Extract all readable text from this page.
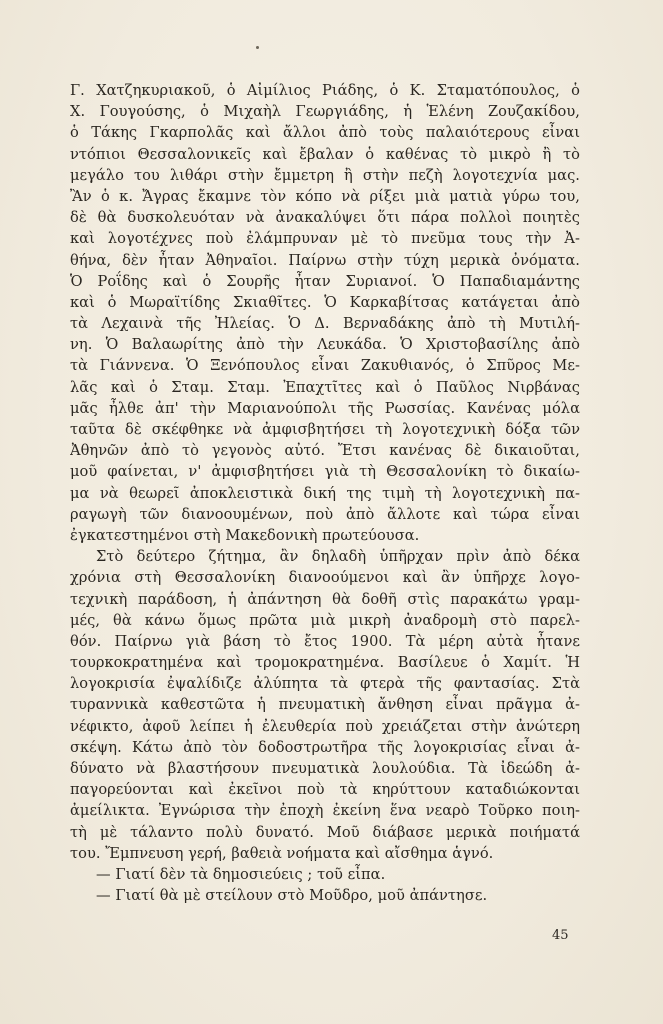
Γ. Χατζηκυριακοῦ, ὁ Αἰμίλιος Ριάδης, ὁ Κ. Σταματόπουλος, ὁ
Χ. Γουγούσης, ὁ Μιχαὴλ Γεωργιάδης, ἡ Ἑλένη Ζουζακίδου,
ὁ Τάκης Γκαρπολᾶς καὶ ἄλλοι ἀπὸ τοὺς παλαιότερους εἶναι
ντόπιοι Θεσσαλονικεῖς καὶ ἔβαλαν ὁ καθένας τὸ μικρὸ ἢ τὸ
μεγάλο του λιθάρι στὴν ἔμμετρη ἢ στὴν πεζὴ λογοτεχνία μας.
Ἂν ὁ κ. Ἄγρας ἔκαμνε τὸν κόπο νὰ ρίξει μιὰ ματιὰ γύρω του,
δὲ θὰ δυσκολευόταν νὰ ἀνακαλύψει ὅτι πάρα πολλοὶ ποιητὲς
καὶ λογοτέχνες ποὺ ἐλάμπρυναν μὲ τὸ πνεῦμα τους τὴν Ἀ-
θήνα, δὲν ἦταν Ἀθηναῖοι. Παίρνω στὴν τύχη μερικὰ ὀνόματα.
Ὁ Ροΐδης καὶ ὁ Σουρῆς ἦταν Συριανοί. Ὁ Παπαδιαμάντης
καὶ ὁ Μωραϊτίδης Σκιαθῖτες. Ὁ Καρκαβίτσας κατάγεται ἀπὸ
τὰ Λεχαινὰ τῆς Ἠλείας. Ὁ Δ. Βερναδάκης ἀπὸ τὴ Μυτιλή-
νη. Ὁ Βαλαωρίτης ἀπὸ τὴν Λευκάδα. Ὁ Χριστοβασίλης ἀπὸ
τὰ Γιάννενα. Ὁ Ξενόπουλος εἶναι Ζακυθιανός, ὁ Σπῦρος Με-
λᾶς καὶ ὁ Σταμ. Σταμ. Ἐπαχτῖτες καὶ ὁ Παῦλος Νιρβάνας
μᾶς ἦλθε ἀπ' τὴν Μαριανούπολι τῆς Ρωσσίας. Κανένας μόλα
ταῦτα δὲ σκέφθηκε νὰ ἀμφισβητήσει τὴ λογοτεχνικὴ δόξα τῶν
Ἀθηνῶν ἀπὸ τὸ γεγονὸς αὐτό. Ἔτσι κανένας δὲ δικαιοῦται,
μοῦ φαίνεται, ν' ἀμφισβητήσει γιὰ τὴ Θεσσαλονίκη τὸ δικαίω-
μα νὰ θεωρεῖ ἀποκλειστικὰ δική της τιμὴ τὴ λογοτεχνικὴ πα-
ραγωγὴ τῶν διανοουμένων, ποὺ ἀπὸ ἄλλοτε καὶ τώρα εἶναι
ἐγκατεστημένοι στὴ Μακεδονικὴ πρωτεύουσα.
Στὸ δεύτερο ζήτημα, ἂν δηλαδὴ ὑπῆρχαν πρὶν ἀπὸ δέκα
χρόνια στὴ Θεσσαλονίκη διανοούμενοι καὶ ἂν ὑπῆρχε λογο-
τεχνικὴ παράδοση, ἡ ἀπάντηση θὰ δοθῆ στὶς παρακάτω γραμ-
μές, θὰ κάνω ὅμως πρῶτα μιὰ μικρὴ ἀναδρομὴ στὸ παρελ-
θόν. Παίρνω γιὰ βάση τὸ ἔτος 1900. Τὰ μέρη αὐτὰ ἦτανε
τουρκοκρατημένα καὶ τρομοκρατημένα. Βασίλευε ὁ Χαμίτ. Ἡ
λογοκρισία ἐψαλίδιζε ἀλύπητα τὰ φτερὰ τῆς φαντασίας. Στὰ
τυραννικὰ καθεστῶτα ἡ πνευματικὴ ἄνθηση εἶναι πρᾶγμα ἀ-
νέφικτο, ἀφοῦ λείπει ἡ ἐλευθερία ποὺ χρειάζεται στὴν ἀνώτερη
σκέψη. Κάτω ἀπὸ τὸν δοδοστρωτῆρα τῆς λογοκρισίας εἶναι ἀ-
δύνατο νὰ βλαστήσουν πνευματικὰ λουλούδια. Τὰ ἰδεώδη ἀ-
παγορεύονται καὶ ἐκεῖνοι ποὺ τὰ κηρύττουν καταδιώκονται
ἀμείλικτα. Ἐγνώρισα τὴν ἐποχὴ ἐκείνη ἕνα νεαρὸ Τοῦρκο ποιη-
τὴ μὲ τάλαντο πολὺ δυνατό. Μοῦ διάβασε μερικὰ ποιήματά
του. Ἔμπνευση γερή, βαθειὰ νοήματα καὶ αἴσθημα ἁγνό.
— Γιατί δὲν τὰ δημοσιεύεις ; τοῦ εἶπα.
— Γιατί θὰ μὲ στείλουν στὸ Μοῦδρο, μοῦ ἀπάντησε.
45
